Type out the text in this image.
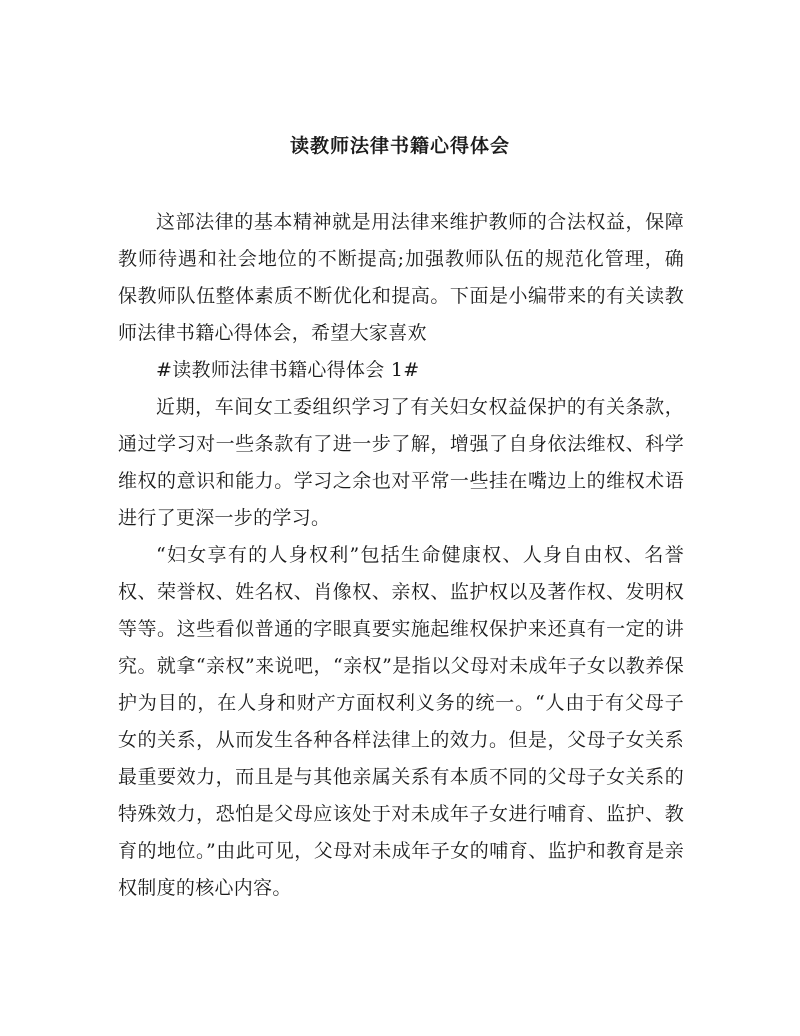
读教师法律书籍心得体会

这部法律的基本精神就是用法律来维护教师的合法权益，保障教师待遇和社会地位的不断提高;加强教师队伍的规范化管理，确保教师队伍整体素质不断优化和提高。下面是小编带来的有关读教师法律书籍心得体会，希望大家喜欢

#读教师法律书籍心得体会 1#

近期，车间女工委组织学习了有关妇女权益保护的有关条款，通过学习对一些条款有了进一步了解，增强了自身依法维权、科学维权的意识和能力。学习之余也对平常一些挂在嘴边上的维权术语进行了更深一步的学习。

“妇女享有的人身权利”包括生命健康权、人身自由权、名誉权、荣誉权、姓名权、肖像权、亲权、监护权以及著作权、发明权等等。这些看似普通的字眼真要实施起维权保护来还真有一定的讲究。就拿“亲权”来说吧，“亲权”是指以父母对未成年子女以教养保护为目的，在人身和财产方面权利义务的统一。“人由于有父母子女的关系，从而发生各种各样法律上的效力。但是，父母子女关系最重要效力，而且是与其他亲属关系有本质不同的父母子女关系的特殊效力，恐怕是父母应该处于对未成年子女进行哺育、监护、教育的地位。”由此可见，父母对未成年子女的哺育、监护和教育是亲权制度的核心内容。
